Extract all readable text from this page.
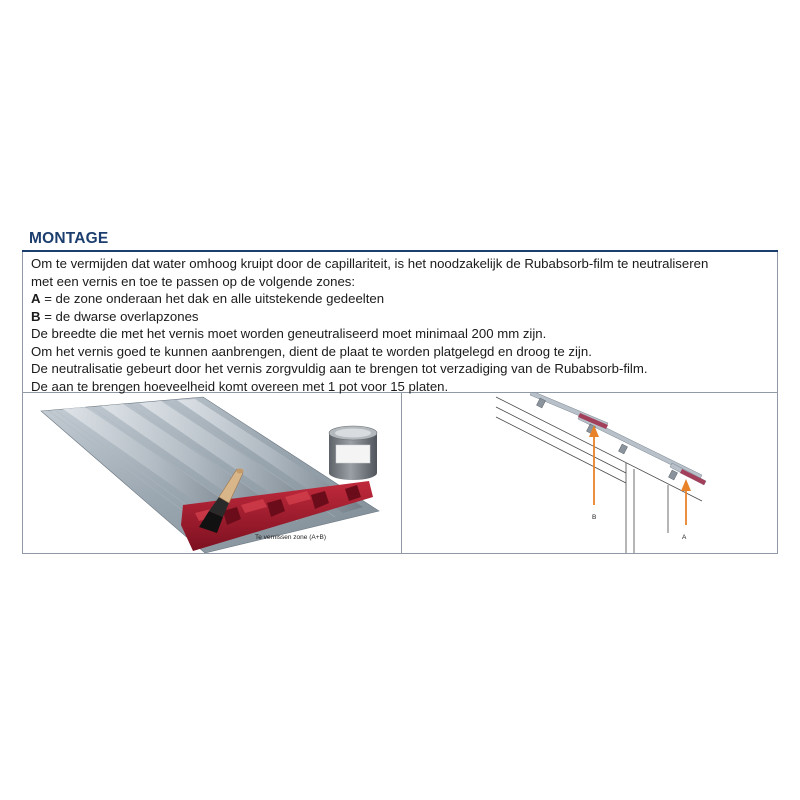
MONTAGE

Om te vermijden dat water omhoog kruipt door de capillariteit, is het noodzakelijk de Rubabsorb-film te neutraliseren

met een vernis en toe te passen op de volgende zones:

A = de zone onderaan het dak en alle uitstekende gedeelten

B = de dwarse overlapzones

De breedte die met het vernis moet worden geneutraliseerd moet minimaal 200 mm zijn.

Om het vernis goed te kunnen aanbrengen, dient de plaat te worden platgelegd en droog te zijn.

De neutralisatie gebeurt door het vernis zorgvuldig aan te brengen tot verzadiging van de Rubabsorb-film.

De aan te brengen hoeveelheid komt overeen met 1 pot voor 15 platen.

Te vernissen zone (A+B)
B
A
